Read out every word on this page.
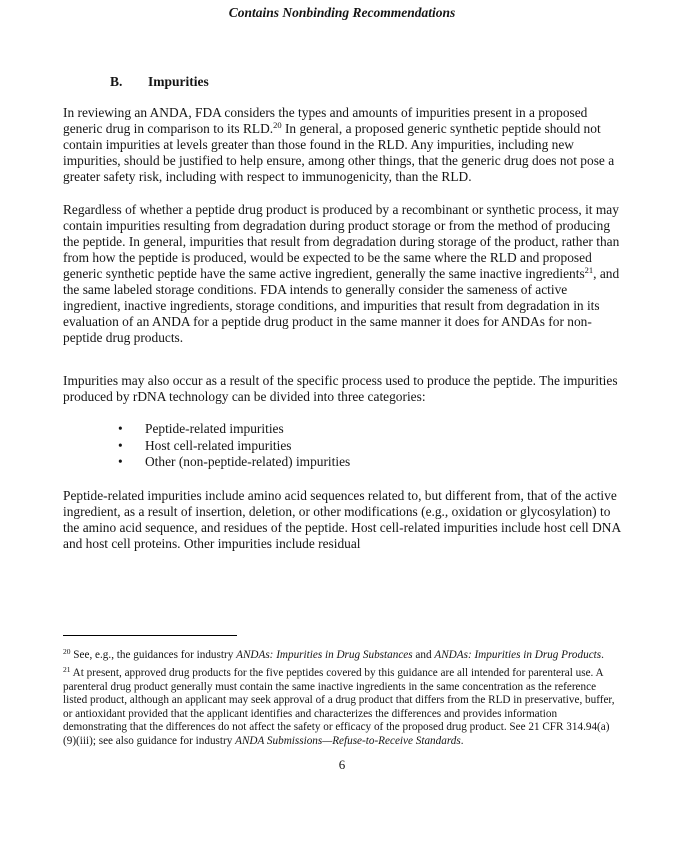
Contains Nonbinding Recommendations
B. Impurities

In reviewing an ANDA, FDA considers the types and amounts of impurities present in a proposed generic drug in comparison to its RLD.$^{20}$ In general, a proposed generic synthetic peptide should not contain impurities at levels greater than those found in the RLD. Any impurities, including new impurities, should be justified to help ensure, among other things, that the generic drug does not pose a greater safety risk, including with respect to immunogenicity, than the RLD.

Regardless of whether a peptide drug product is produced by a recombinant or synthetic process, it may contain impurities resulting from degradation during product storage or from the method of producing the peptide. In general, impurities that result from degradation during storage of the product, rather than from how the peptide is produced, would be expected to be the same where the RLD and proposed generic synthetic peptide have the same active ingredient, generally the same inactive ingredients$^{21}$, and the same labeled storage conditions. FDA intends to generally consider the sameness of active ingredient, inactive ingredients, storage conditions, and impurities that result from degradation in its evaluation of an ANDA for a peptide drug product in the same manner it does for ANDAs for non-peptide drug products.

Impurities may also occur as a result of the specific process used to produce the peptide. The impurities produced by rDNA technology can be divided into three categories:

• Peptide-related impurities
• Host cell-related impurities
• Other (non-peptide-related) impurities

Peptide-related impurities include amino acid sequences related to, but different from, that of the active ingredient, as a result of insertion, deletion, or other modifications (e.g., oxidation or glycosylation) to the amino acid sequence, and residues of the peptide. Host cell-related impurities include host cell DNA and host cell proteins. Other impurities include residual

$^{20}$ See, e.g., the guidances for industry ANDAs: Impurities in Drug Substances and ANDAs: Impurities in Drug Products.

$^{21}$ At present, approved drug products for the five peptides covered by this guidance are all intended for parenteral use. A parenteral drug product generally must contain the same inactive ingredients in the same concentration as the reference listed product, although an applicant may seek approval of a drug product that differs from the RLD in preservative, buffer, or antioxidant provided that the applicant identifies and characterizes the differences and provides information demonstrating that the differences do not affect the safety or efficacy of the proposed drug product. See 21 CFR 314.94(a)(9)(iii); see also guidance for industry ANDA Submissions—Refuse-to-Receive Standards.

6
